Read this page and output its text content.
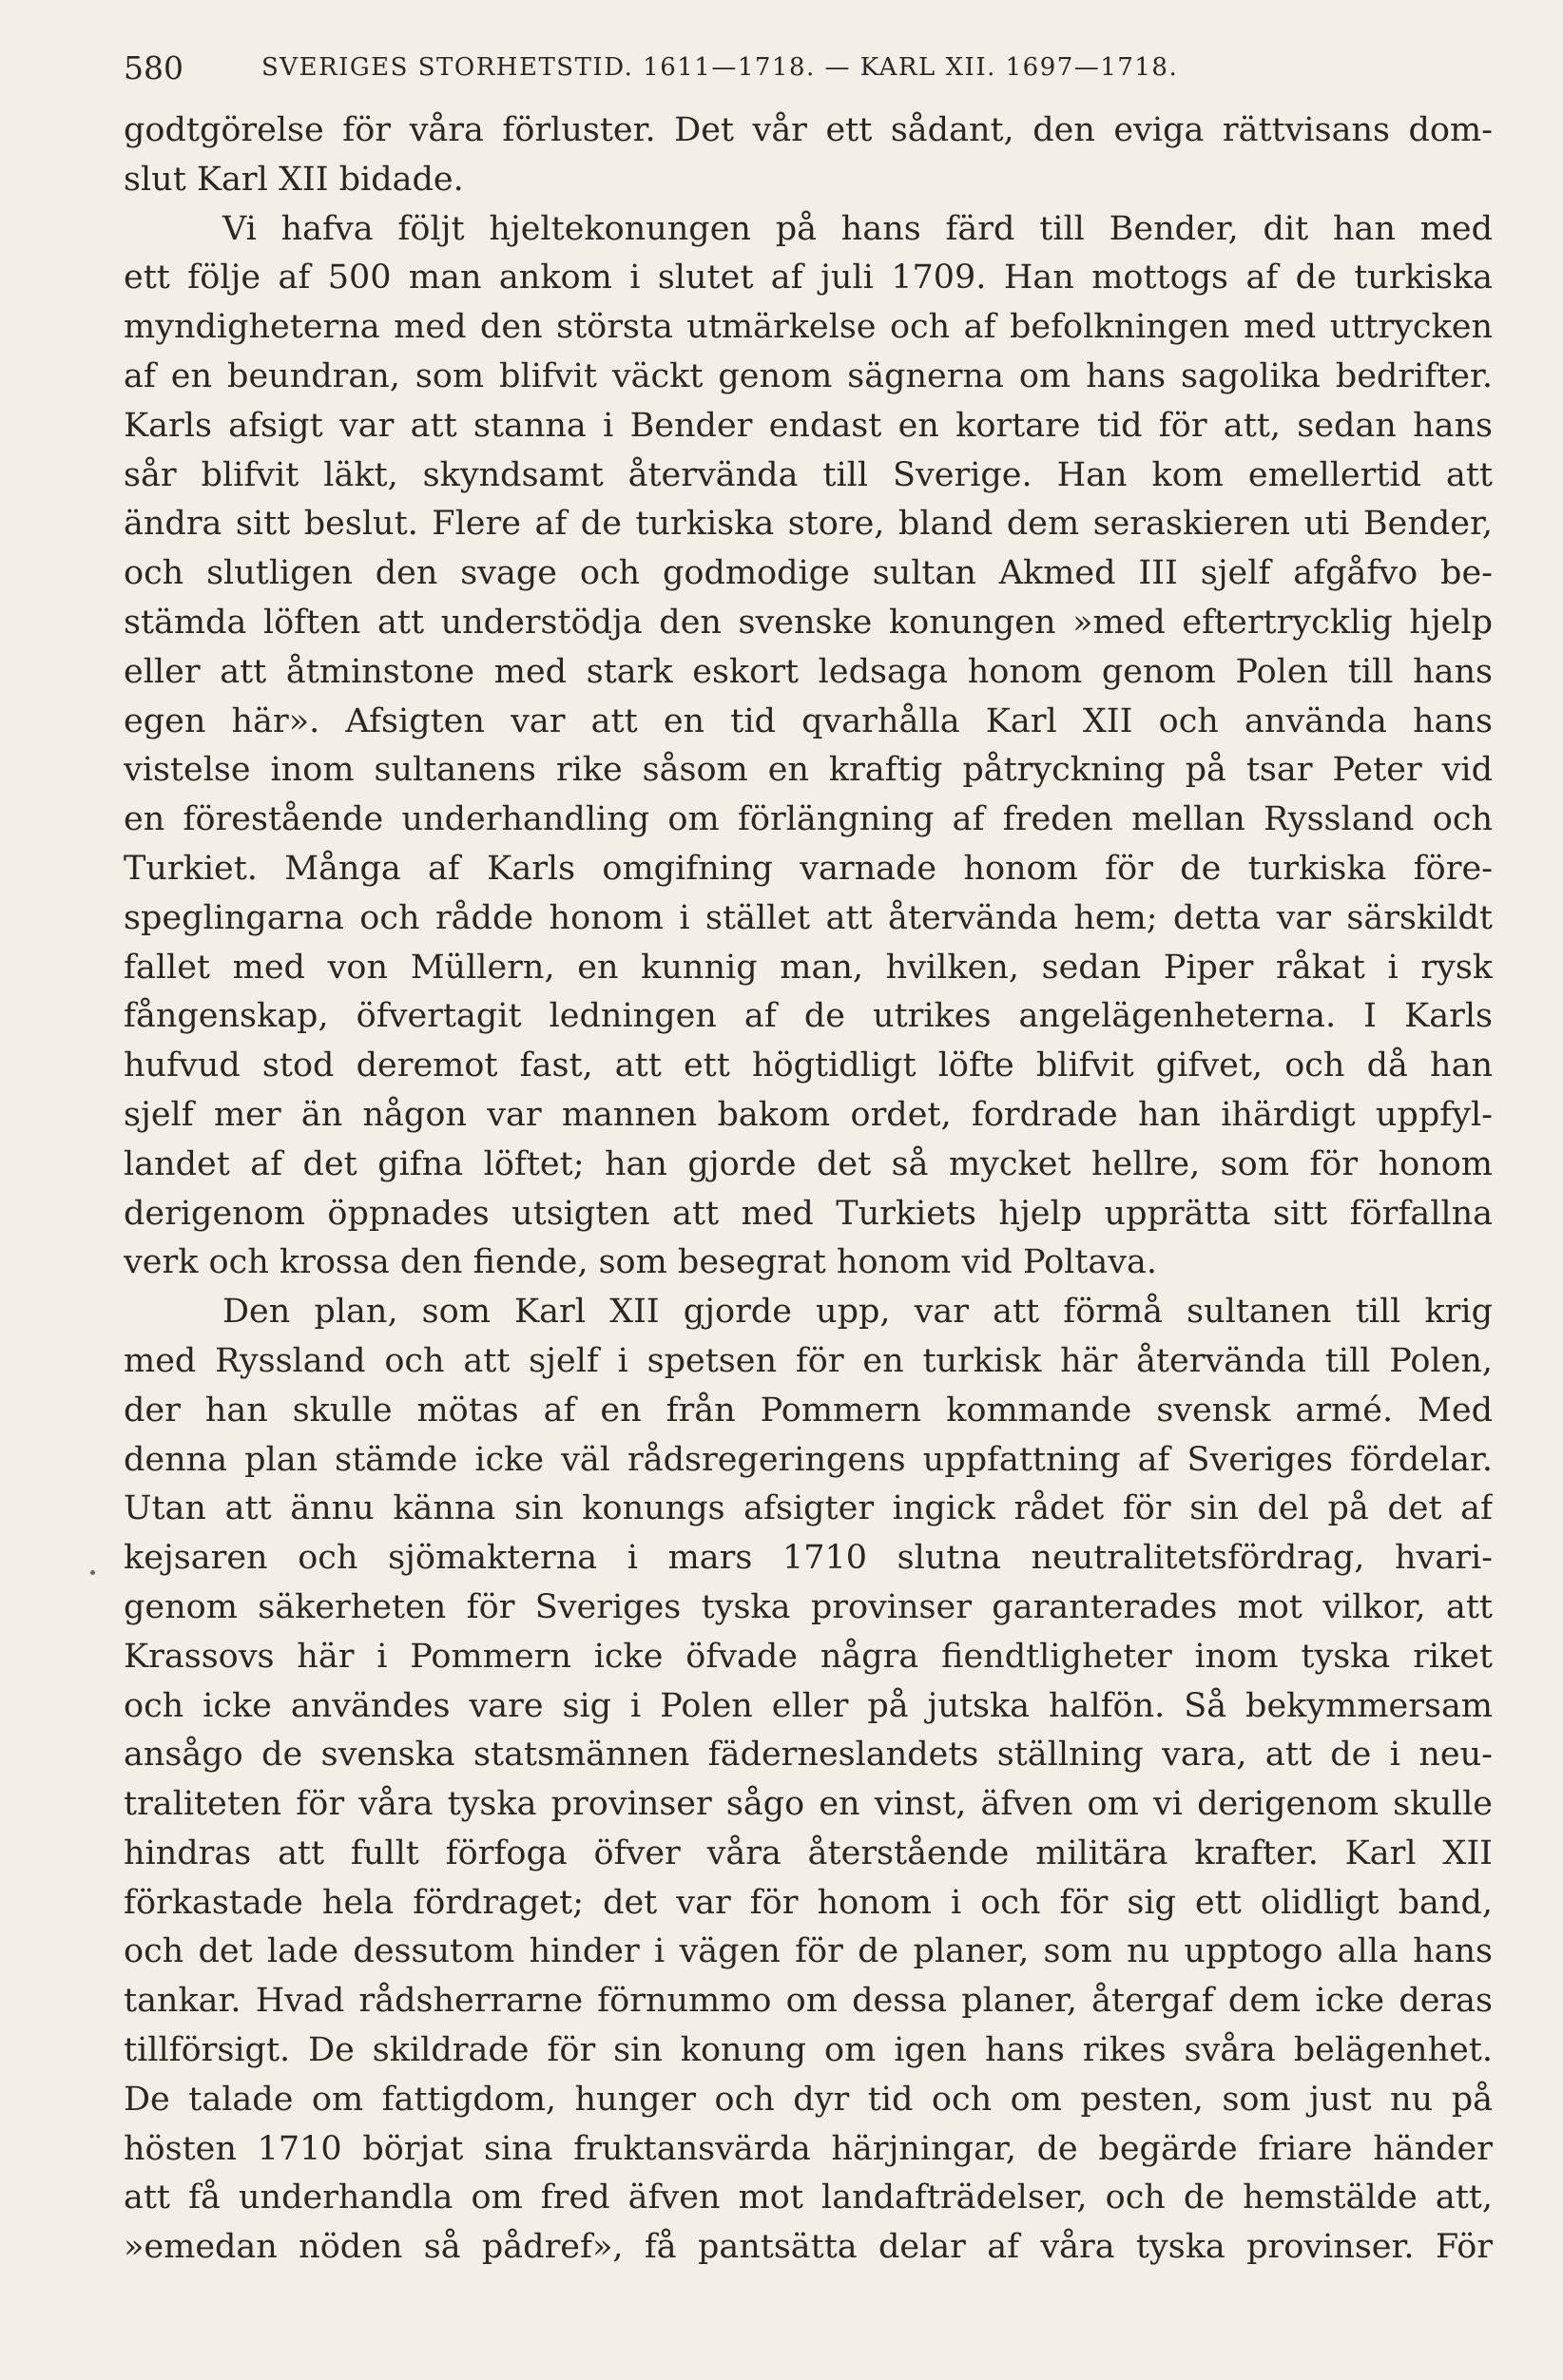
580	SVERIGES STORHETSTID. 1611—1718. — KARL XII. 1697—1718.
godtgörelse för våra förluster. Det vår ett sådant, den eviga rättvisans dom-
slut Karl XII bidade.
Vi hafva följt hjeltekonungen på hans färd till Bender, dit han med
ett följe af 500 man ankom i slutet af juli 1709. Han mottogs af de turkiska
myndigheterna med den största utmärkelse och af befolkningen med uttrycken
af en beundran, som blifvit väckt genom sägnerna om hans sagolika bedrifter.
Karls afsigt var att stanna i Bender endast en kortare tid för att, sedan hans
sår blifvit läkt, skyndsamt återvända till Sverige. Han kom emellertid att
ändra sitt beslut. Flere af de turkiska store, bland dem seraskieren uti Bender,
och slutligen den svage och godmodige sultan Akmed III sjelf afgåfvo be-
stämda löften att understödja den svenske konungen »med eftertrycklig hjelp
eller att åtminstone med stark eskort ledsaga honom genom Polen till hans
egen här». Afsigten var att en tid qvarhålla Karl XII och använda hans
vistelse inom sultanens rike såsom en kraftig påtryckning på tsar Peter vid
en förestående underhandling om förlängning af freden mellan Ryssland och
Turkiet. Många af Karls omgifning varnade honom för de turkiska före-
speglingarna och rådde honom i stället att återvända hem; detta var särskildt
fallet med von Müllern, en kunnig man, hvilken, sedan Piper råkat i rysk
fångenskap, öfvertagit ledningen af de utrikes angelägenheterna. I Karls
hufvud stod deremot fast, att ett högtidligt löfte blifvit gifvet, och då han
sjelf mer än någon var mannen bakom ordet, fordrade han ihärdigt uppfyl-
landet af det gifna löftet; han gjorde det så mycket hellre, som för honom
derigenom öppnades utsigten att med Turkiets hjelp upprätta sitt förfallna
verk och krossa den fiende, som besegrat honom vid Poltava.
Den plan, som Karl XII gjorde upp, var att förmå sultanen till krig
med Ryssland och att sjelf i spetsen för en turkisk här återvända till Polen,
der han skulle mötas af en från Pommern kommande svensk armé. Med
denna plan stämde icke väl rådsregeringens uppfattning af Sveriges fördelar.
Utan att ännu känna sin konungs afsigter ingick rådet för sin del på det af
kejsaren och sjömakterna i mars 1710 slutna neutralitetsfördrag, hvari-
genom säkerheten för Sveriges tyska provinser garanterades mot vilkor, att
Krassovs här i Pommern icke öfvade några fiendtligheter inom tyska riket
och icke användes vare sig i Polen eller på jutska halfön. Så bekymmersam
ansågo de svenska statsmännen fäderneslandets ställning vara, att de i neu-
traliteten för våra tyska provinser sågo en vinst, äfven om vi derigenom skulle
hindras att fullt förfoga öfver våra återstående militära krafter. Karl XII
förkastade hela fördraget; det var för honom i och för sig ett olidligt band,
och det lade dessutom hinder i vägen för de planer, som nu upptogo alla hans
tankar. Hvad rådsherrarne förnummo om dessa planer, återgaf dem icke deras
tillförsigt. De skildrade för sin konung om igen hans rikes svåra belägenhet.
De talade om fattigdom, hunger och dyr tid och om pesten, som just nu på
hösten 1710 börjat sina fruktansvärda härjningar, de begärde friare händer
att få underhandla om fred äfven mot landafträdelser, och de hemstälde att,
»emedan nöden så pådref», få pantsätta delar af våra tyska provinser. För
